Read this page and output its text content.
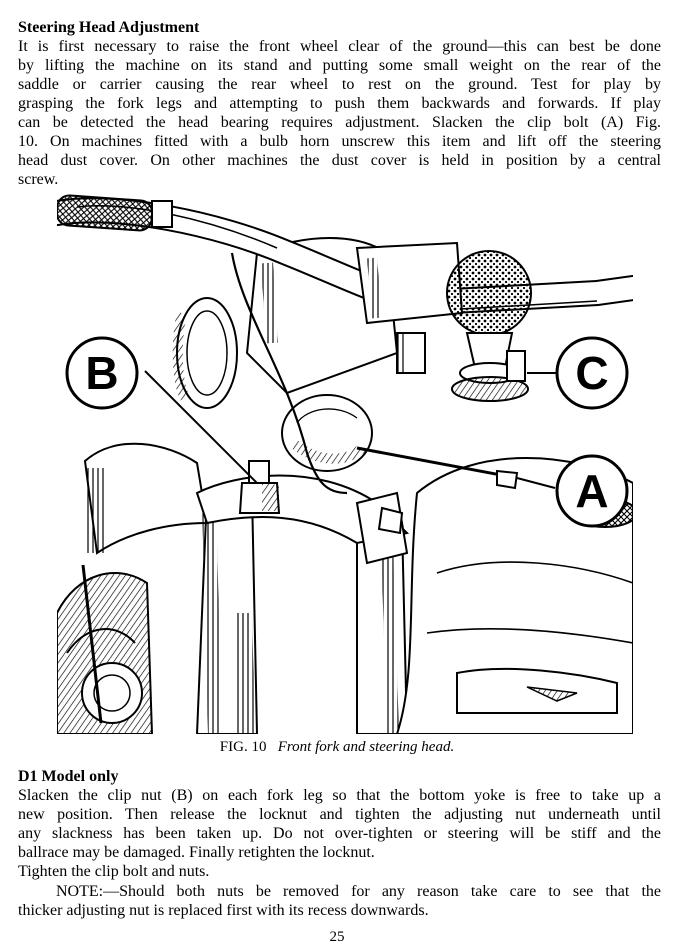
Steering Head Adjustment
It is first necessary to raise the front wheel clear of the ground—this can best be done
by lifting the machine on its stand and putting some small weight on the rear of the
saddle or carrier causing the rear wheel to rest on the ground. Test for play by
grasping the fork legs and attempting to push them backwards and forwards. If play
can be detected the head bearing requires adjustment. Slacken the clip bolt (A) Fig.
10. On machines fitted with a bulb horn unscrew this item and lift off the steering
head dust cover. On other machines the dust cover is held in position by a central
screw.
B	C
A
FIG. 10 Front fork and steering head.
D1 Model only
Slacken the clip nut (B) on each fork leg so that the bottom yoke is free to take up a
new position. Then release the locknut and tighten the adjusting nut underneath until
any slackness has been taken up. Do not over-tighten or steering will be stiff and the
ballrace may be damaged. Finally retighten the locknut.
Tighten the clip bolt and nuts.
NOTE:—Should both nuts be removed for any reason take care to see that the
thicker adjusting nut is replaced first with its recess downwards.
25
